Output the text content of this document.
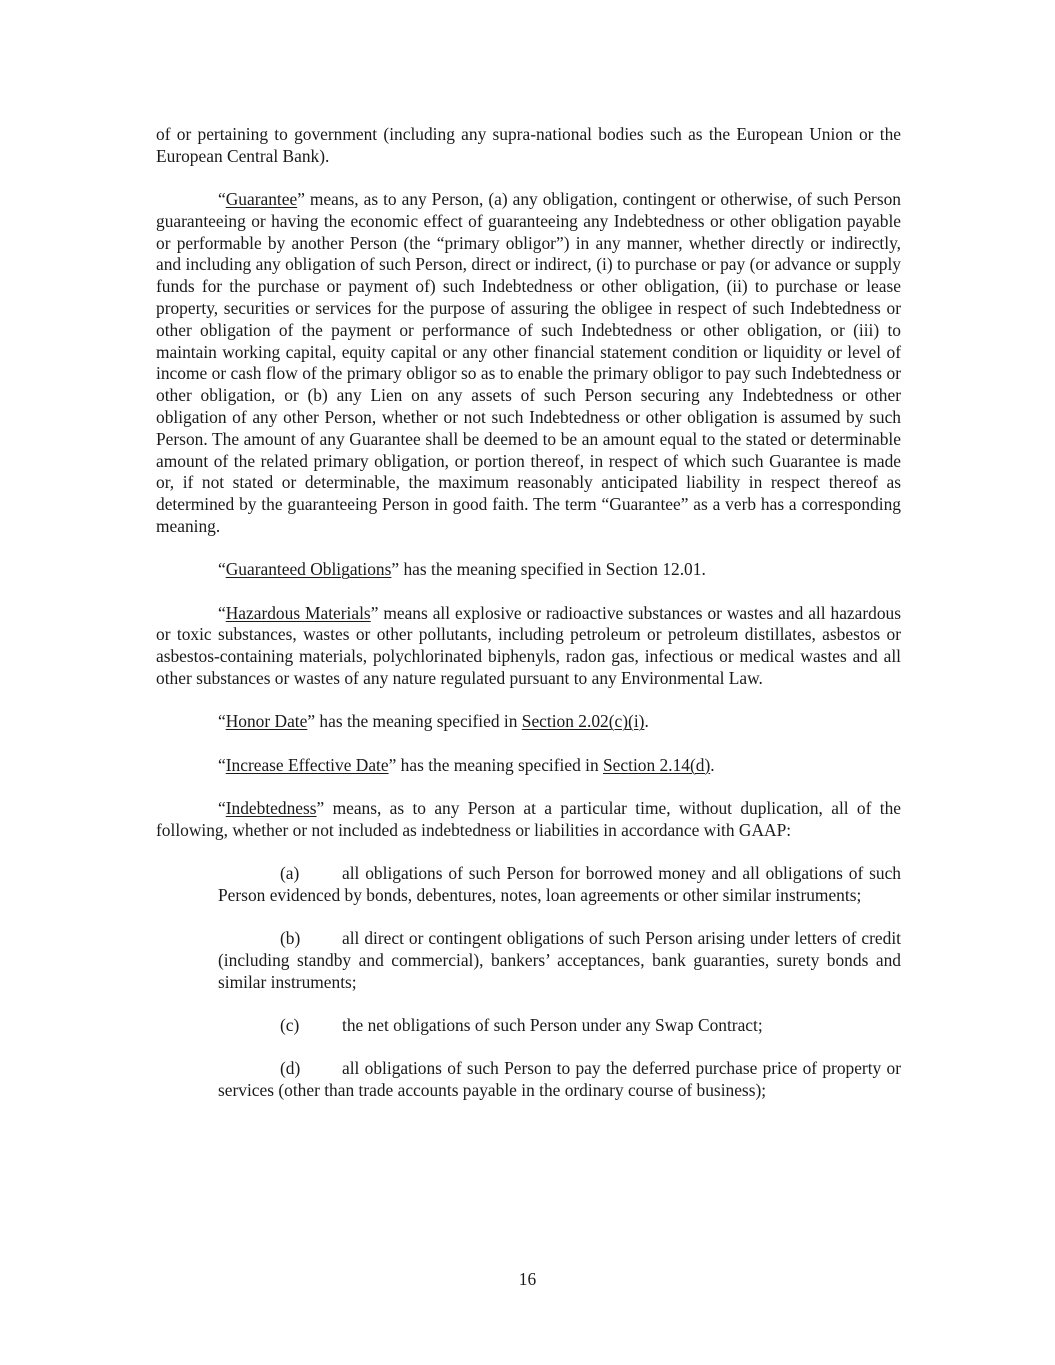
of or pertaining to government (including any supra-national bodies such as the European Union or the European Central Bank).

“Guarantee” means, as to any Person, (a) any obligation, contingent or otherwise, of such Person guaranteeing or having the economic effect of guaranteeing any Indebtedness or other obligation payable or performable by another Person (the “primary obligor”) in any manner, whether directly or indirectly, and including any obligation of such Person, direct or indirect, (i) to purchase or pay (or advance or supply funds for the purchase or payment of) such Indebtedness or other obligation, (ii) to purchase or lease property, securities or services for the purpose of assuring the obligee in respect of such Indebtedness or other obligation of the payment or performance of such Indebtedness or other obligation, or (iii) to maintain working capital, equity capital or any other financial statement condition or liquidity or level of income or cash flow of the primary obligor so as to enable the primary obligor to pay such Indebtedness or other obligation, or (b) any Lien on any assets of such Person securing any Indebtedness or other obligation of any other Person, whether or not such Indebtedness or other obligation is assumed by such Person. The amount of any Guarantee shall be deemed to be an amount equal to the stated or determinable amount of the related primary obligation, or portion thereof, in respect of which such Guarantee is made or, if not stated or determinable, the maximum reasonably anticipated liability in respect thereof as determined by the guaranteeing Person in good faith. The term “Guarantee” as a verb has a corresponding meaning.

“Guaranteed Obligations” has the meaning specified in Section 12.01.

“Hazardous Materials” means all explosive or radioactive substances or wastes and all hazardous or toxic substances, wastes or other pollutants, including petroleum or petroleum distillates, asbestos or asbestos-containing materials, polychlorinated biphenyls, radon gas, infectious or medical wastes and all other substances or wastes of any nature regulated pursuant to any Environmental Law.

“Honor Date” has the meaning specified in Section 2.02(c)(i).

“Increase Effective Date” has the meaning specified in Section 2.14(d).

“Indebtedness” means, as to any Person at a particular time, without duplication, all of the following, whether or not included as indebtedness or liabilities in accordance with GAAP:

(a) all obligations of such Person for borrowed money and all obligations of such Person evidenced by bonds, debentures, notes, loan agreements or other similar instruments;

(b) all direct or contingent obligations of such Person arising under letters of credit (including standby and commercial), bankers’ acceptances, bank guaranties, surety bonds and similar instruments;

(c) the net obligations of such Person under any Swap Contract;

(d) all obligations of such Person to pay the deferred purchase price of property or services (other than trade accounts payable in the ordinary course of business);

16
